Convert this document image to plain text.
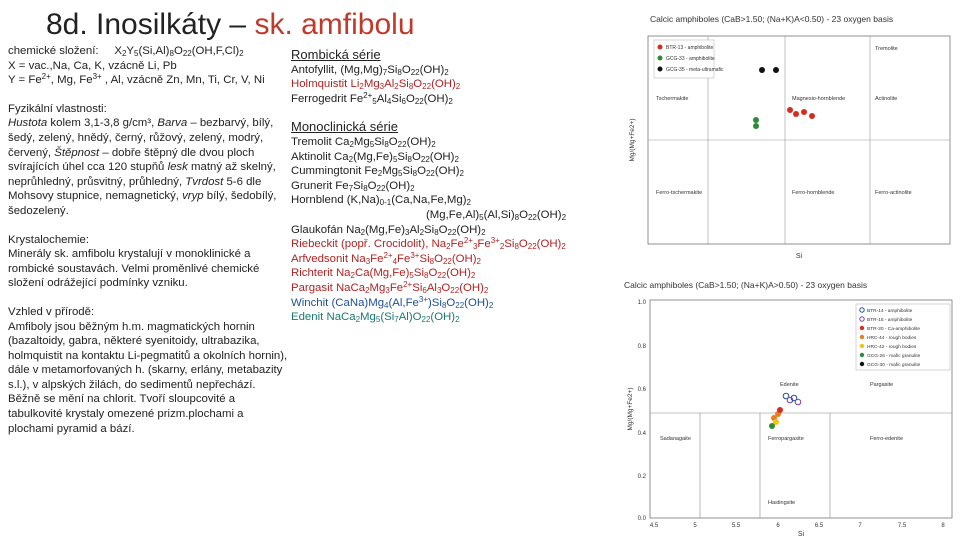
8d. Inosilkáty – sk. amfibolu

chemické složení:     $X_2Y_5(Si,Al)_8O_{22}(OH,F,Cl)_2$

X = vac.,Na, Ca, K, vzácně Li, Pb

$Y = Fe^{2+}$, Mg, $Fe^{3+}$ , Al, vzácně Zn, Mn, Ti, Cr, V, Ni

Fyzikální vlastnosti:

Hustota kolem 3,1-3,8 g/cm³, Barva – bezbarvý, bílý, šedý, zelený, hnědý, černý, růžový, zelený, modrý, červený, Štěpnost – dobře štěpný dle dvou ploch svírajících úhel cca 120 stupňů lesk matný až skelný, neprůhledný, průsvitný, průhledný, Tvrdost 5-6 dle Mohsovy stupnice, nemagnetický, vryp bílý, šedobílý, šedozelený.

Krystalochemie:

Minerály sk. amfibolu krystalují v monoklinické a rombické soustavách. Velmi proměnlivé chemické složení odrážející podmínky vzniku.

Vzhled v přírodě:

Amfiboly jsou běžným h.m. magmatických hornin (bazaltoidy, gabra, některé syenitoidy, ultrabazika, holmquistit na kontaktu Li-pegmatitů a okolních hornin), dále v metamorfovaných h. (skarny, erlány, metabazity s.l.), v alpských žilách, do sedimentů nepřechází. Běžně se mění na chlorit. Tvoří sloupcovité a tabulkovité krystaly omezené prizm.plochami a plochami pyramid a bází.

Rombická série

Antofyllit, $(Mg,Mg)_7Si_8O_{22}(OH)_2$

Holmquistit $Li_2Mg_3Al_2Si_8O_{22}(OH)_2$

Ferrogedrit $Fe^{2+}_5Al_4Si_6O_{22}(OH)_2$

Monoclinická série

Tremolit $Ca_2Mg_5Si_8O_{22}(OH)_2$

Aktinolit $Ca_2(Mg,Fe)_5Si_8O_{22}(OH)_2$

Cummingtonit $Fe_2Mg_5Si_8O_{22}(OH)_2$

Grunerit $Fe_7Si_8O_{22}(OH)_2$

Hornblend $(K,Na)_{0-1}(Ca,Na,Fe,Mg)_2$

$(Mg,Fe,Al)_5(Al,Si)_8O_{22}(OH)_2$

Glaukofán $Na_2(Mg,Fe)_3Al_2Si_8O_{22}(OH)_2$

Riebeckit (popř. Crocidolit), $Na_2Fe^{2+}_3Fe^{3+}_2Si_8O_{22}(OH)_2$

Arfvedsonit $Na_3Fe^{2+}_4Fe^{3+}Si_8O_{22}(OH)_2$

Richterit $Na_2Ca(Mg,Fe)_5Si_8O_{22}(OH)_2$

Pargasit $NaCa_2Mg_3Fe^{2+}Si_6Al_3O_{22}(OH)_2$

Winchit $(CaNa)Mg_4(Al,Fe^{3+})Si_8O_{22}(OH)_2$

Edenit $NaCa_2Mg_5(Si_7Al)O_{22}(OH)_2$

Calcic amphiboles (CaB>1.50; (Na+K)A<0.50) - 23 oxygen basis
BTR-13 - amphibolite
GCG-33 - amphibolite
GCG-35 - meta-ultramafic
Tremolite
Magnesio-hornblende
Tschermakite
Ferro-tschermakite	Ferro-hornblende	Ferro-actinolite
Actinolite
Mg/(Mg+Fe2+)
Si
Calcic amphiboles (CaB>1.50; (Na+K)A>0.50) - 23 oxygen basis
BTR-14 - amphibolite
BTR-15 - amphibolite
BTR-20 - Ca-amphibolite
HRC-44 - rough bodies
HRC-42 - rough bodies
GCG-26 - mafic granulite
GCG-30 - mafic granulite
1.0
0.8
0.6
0.4
0.2
0.0
4.5	5	5.5	6	6.5	7	7.5	8
Sadanagaite	Ferropargasite	Ferro-edenite
Hastingsite
Pargasite
Edenite
Mg/(Mg+Fe2+)
Si
